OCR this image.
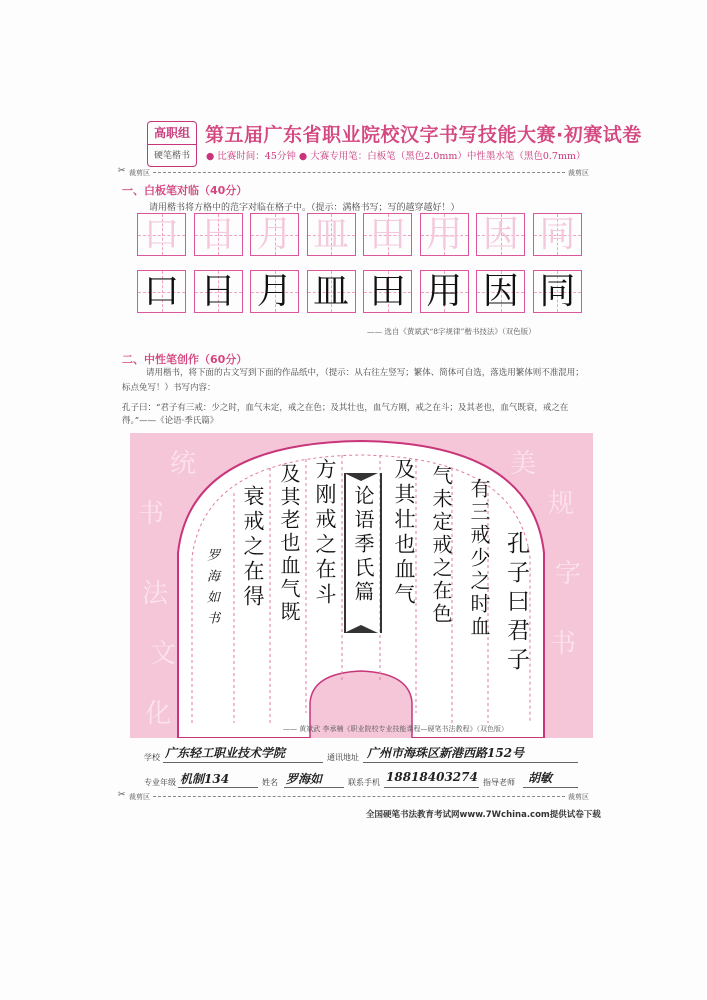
高职组
硬笔楷书
第五届广东省职业院校汉字书写技能大赛·初赛试卷
● 比赛时间：45分钟 ● 大赛专用笔：白板笔（黑色2.0mm）中性墨水笔（黑色0.7mm）
✂ 裁剪区	裁剪区
一、白板笔对临（40分）
请用楷书将方格中的范字对临在格子中。（提示：满格书写；写的越穿越好！）
口 日 月 皿 田 用 因 同
口 日 月 皿 田 用 因 同
—— 选自《黄斌武“8字规律”楷书技法》（双色版）
二、中性笔创作（60分）
请用楷书，将下面的古文写到下面的作品纸中，（提示：从右往左竖写；繁体、简体可自选，落选用繁体则不准混用；标点免写！）书写内容：
孔子曰：“君子有三戒：少之时，血气未定，戒之在色；及其壮也，血气方刚，戒之在斗；及其老也，血气既衰，戒之在得。”——《论语·季氏篇》
书
法
文
化
规
字
书
统	美
孔子曰君子
有三戒少之时血
气未定戒之在色
及其壮也血气
论语季氏篇
方刚戒之在斗
及其老也血气既
衰戒之在得
罗海如书
—— 黄斌武 李承楠《职业院校专业技能课程—硬笔书法教程》（双色版）
学校 广东轻工职业技术学院	通讯地址 广州市海珠区新港西路152号
专业年级 机制134	姓名 罗海如	联系手机 18818403274 指导老师 胡敏
✂ 裁剪区	裁剪区
全国硬笔书法教育考试网www.7Wchina.com提供试卷下载
